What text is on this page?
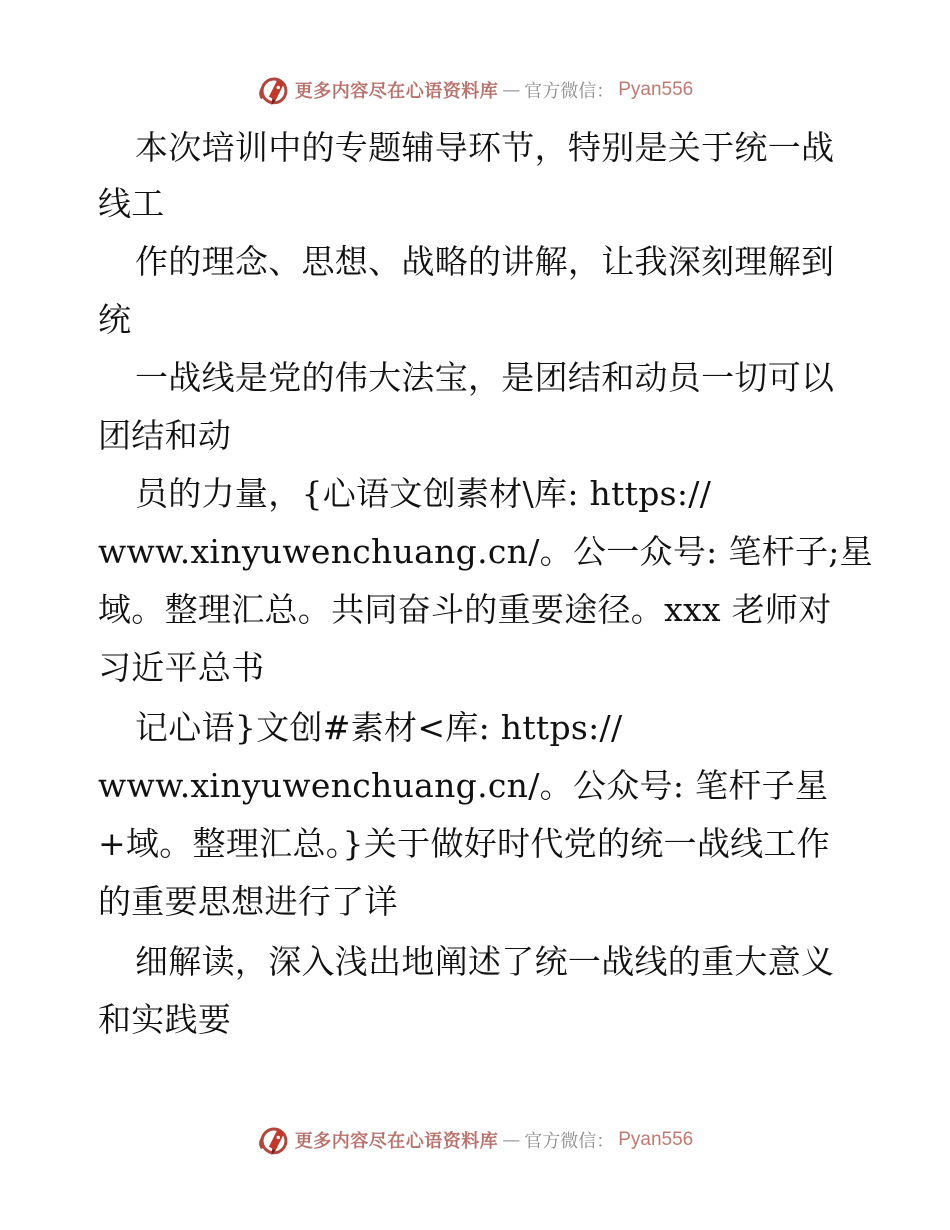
更多内容尽在心语资料库 — 官方微信： Pyan556
本次培训中的专题辅导环节，特别是关于统一战
线工
作的理念、思想、战略的讲解，让我深刻理解到
统
一战线是党的伟大法宝，是团结和动员一切可以
团结和动
员的力量，{心语文创素材\库: https://
www.xinyuwenchuang.cn/。公一众号: 笔杆子;星
域。整理汇总。共同奋斗的重要途径。xxx 老师对
习近平总书
记心语}文创#素材<库: https://
www.xinyuwenchuang.cn/。公众号: 笔杆子星
+域。整理汇总。}关于做好时代党的统一战线工作
的重要思想进行了详
细解读，深入浅出地阐述了统一战线的重大意义
和实践要
更多内容尽在心语资料库 — 官方微信： Pyan556
